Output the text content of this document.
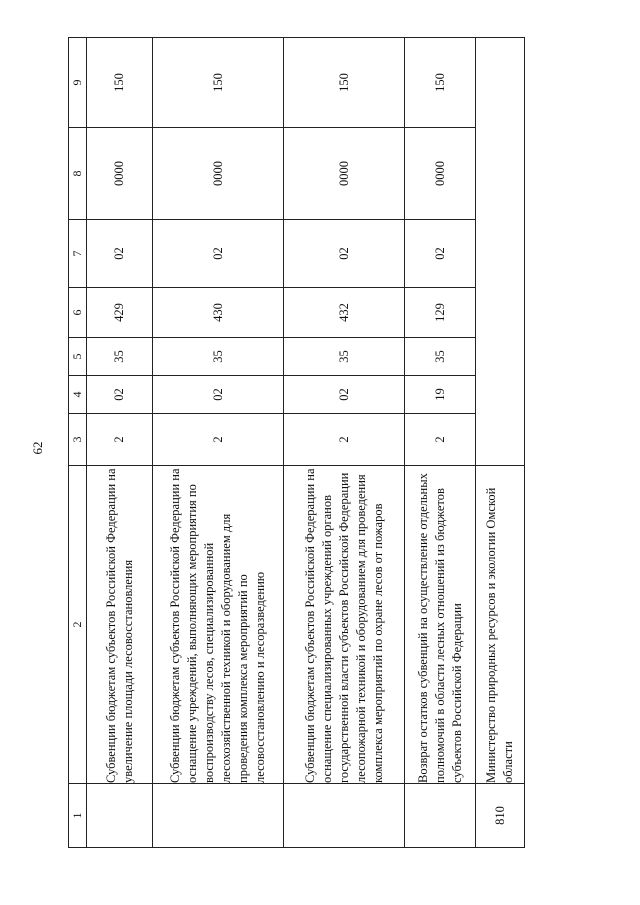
62
1	2	3	4	5	6	7	8	9
	Субвенции бюджетам субъектов Российской Федерации на увеличение площади лесовосстановления	2	02	35	429	02	0000	150
	Субвенции бюджетам субъектов Российской Федерации на оснащение учреждений, выполняющих мероприятия по воспроизводству лесов, специализированной лесохозяйственной техникой и оборудованием для проведения комплекса мероприятий по лесовосстановлению и лесоразведению	2	02	35	430	02	0000	150
	Субвенции бюджетам субъектов Российской Федерации на оснащение специализированных учреждений органов государственной власти субъектов Российской Федерации лесопожарной техникой и оборудованием для проведения комплекса мероприятий по охране лесов от пожаров	2	02	35	432	02	0000	150
	Возврат остатков субвенций на осуществление отдельных полномочий в области лесных отношений из бюджетов субъектов Российской Федерации	2	19	35	129	02	0000	150
810	Министерство природных ресурсов и экологии Омской области							
